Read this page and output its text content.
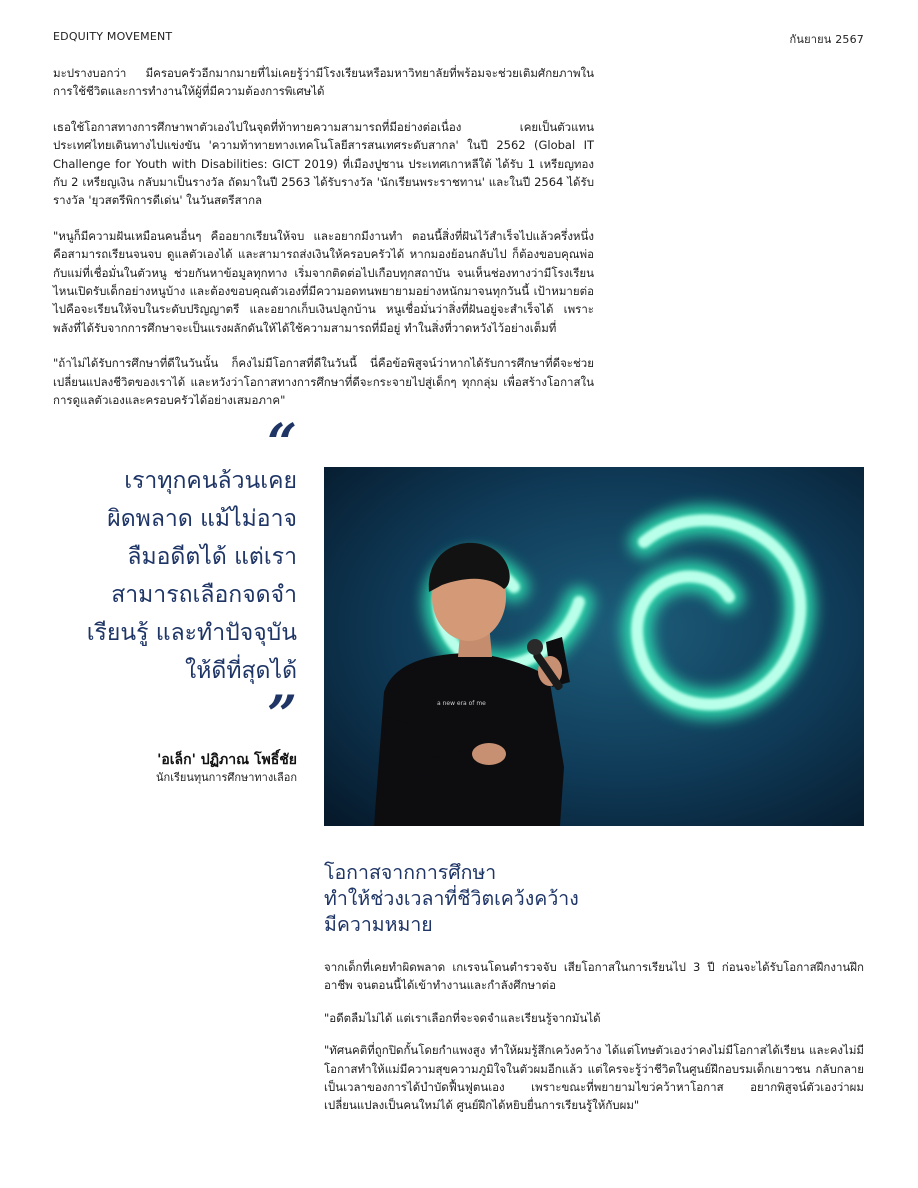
EDQUITY MOVEMENT	กันยายน 2567

มะปรางบอกว่า มีครอบครัวอีกมากมายที่ไม่เคยรู้ว่ามีโรงเรียนหรือมหาวิทยาลัยที่พร้อมจะช่วยเติมศักยภาพในการใช้ชีวิตและการทำงานให้ผู้ที่มีความต้องการพิเศษได้

เธอใช้โอกาสทางการศึกษาพาตัวเองไปในจุดที่ท้าทายความสามารถที่มีอย่างต่อเนื่อง เคยเป็นตัวแทนประเทศไทยเดินทางไปแข่งขัน 'ความท้าทายทางเทคโนโลยีสารสนเทศระดับสากล' ในปี 2562 (Global IT Challenge for Youth with Disabilities: GICT 2019) ที่เมืองปูซาน ประเทศเกาหลีใต้ ได้รับ 1 เหรียญทอง กับ 2 เหรียญเงิน กลับมาเป็นรางวัล ถัดมาในปี 2563 ได้รับรางวัล 'นักเรียนพระราชทาน' และในปี 2564 ได้รับรางวัล 'ยุวสตรีพิการดีเด่น' ในวันสตรีสากล

"หนูก็มีความฝันเหมือนคนอื่นๆ คืออยากเรียนให้จบ และอยากมีงานทำ ตอนนี้สิ่งที่ฝันไว้สำเร็จไปแล้วครึ่งหนึ่ง คือสามารถเรียนจนจบ ดูแลตัวเองได้ และสามารถส่งเงินให้ครอบครัวได้ หากมองย้อนกลับไป ก็ต้องขอบคุณพ่อกับแม่ที่เชื่อมั่นในตัวหนู ช่วยกันหาข้อมูลทุกทาง เริ่มจากติดต่อไปเกือบทุกสถาบัน จนเห็นช่องทางว่ามีโรงเรียนไหนเปิดรับเด็กอย่างหนูบ้าง และต้องขอบคุณตัวเองที่มีความอดทนพยายามอย่างหนักมาจนทุกวันนี้ เป้าหมายต่อไปคือจะเรียนให้จบในระดับปริญญาตรี และอยากเก็บเงินปลูกบ้าน หนูเชื่อมั่นว่าสิ่งที่ฝันอยู่จะสำเร็จได้ เพราะพลังที่ได้รับจากการศึกษาจะเป็นแรงผลักดันให้ได้ใช้ความสามารถที่มีอยู่ ทำในสิ่งที่วาดหวังไว้อย่างเต็มที่

"ถ้าไม่ได้รับการศึกษาที่ดีในวันนั้น ก็คงไม่มีโอกาสที่ดีในวันนี้ นี่คือข้อพิสูจน์ว่าหากได้รับการศึกษาที่ดีจะช่วยเปลี่ยนแปลงชีวิตของเราได้ และหวังว่าโอกาสทางการศึกษาที่ดีจะกระจายไปสู่เด็กๆ ทุกกลุ่ม เพื่อสร้างโอกาสในการดูแลตัวเองและครอบครัวได้อย่างเสมอภาค"

“
เราทุกคนล้วนเคย
ผิดพลาด แม้ไม่อาจ
ลืมอดีตได้ แต่เรา
สามารถเลือกจดจำ
เรียนรู้ และทำปัจจุบัน
ให้ดีที่สุดได้
”
'อเล็ก' ปฏิภาณ โพธิ์ชัย
นักเรียนทุนการศึกษาทางเลือก
a new era of me
โอกาสจากการศึกษา
ทำให้ช่วงเวลาที่ชีวิตเคว้งคว้าง
มีความหมาย

จากเด็กที่เคยทำผิดพลาด เกเรจนโดนตำรวจจับ เสียโอกาสในการเรียนไป 3 ปี ก่อนจะได้รับโอกาสฝึกงานฝึกอาชีพ จนตอนนี้ได้เข้าทำงานและกำลังศึกษาต่อ

"อดีตลืมไม่ได้ แต่เราเลือกที่จะจดจำและเรียนรู้จากมันได้

"ทัศนคติที่ถูกปิดกั้นโดยกำแพงสูง ทำให้ผมรู้สึกเคว้งคว้าง ได้แต่โทษตัวเองว่าคงไม่มีโอกาสได้เรียน และคงไม่มีโอกาสทำให้แม่มีความสุขความภูมิใจในตัวผมอีกแล้ว แต่ใครจะรู้ว่าชีวิตในศูนย์ฝึกอบรมเด็กเยาวชน กลับกลายเป็นเวลาของการได้บำบัดฟื้นฟูตนเอง เพราะขณะที่พยายามไขว่คว้าหาโอกาส อยากพิสูจน์ตัวเองว่าผมเปลี่ยนแปลงเป็นคนใหม่ได้ ศูนย์ฝึกได้หยิบยื่นการเรียนรู้ให้กับผม"
